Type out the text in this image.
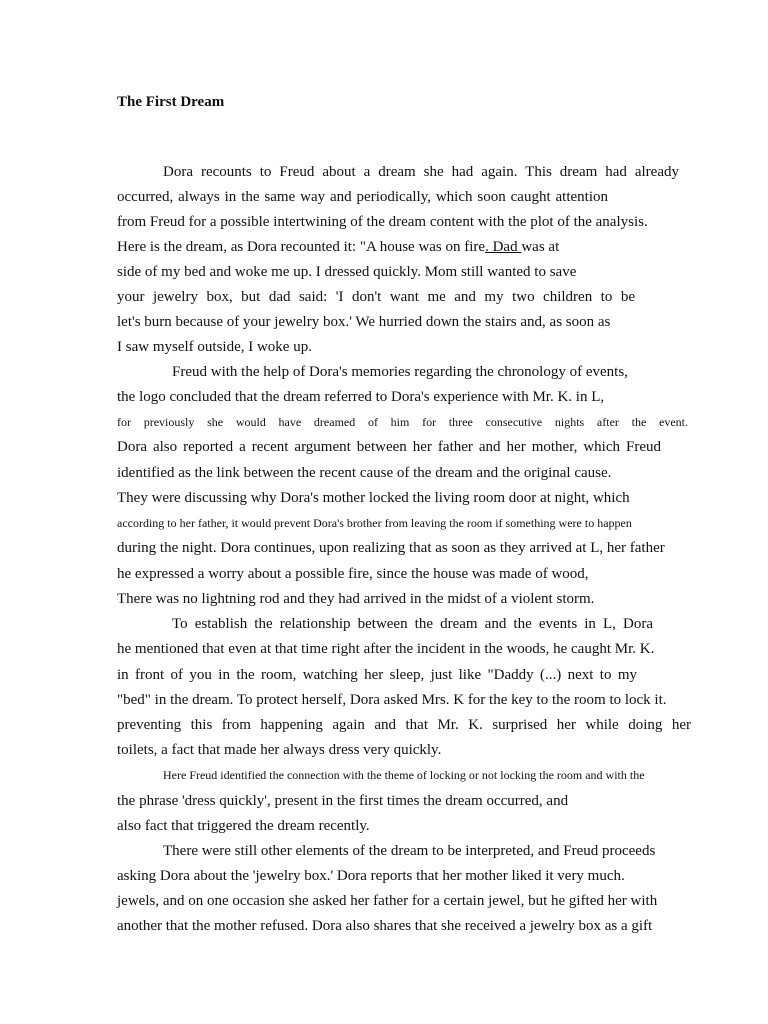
The First Dream
Dora recounts to Freud about a dream she had again. This dream had already
occurred, always in the same way and periodically, which soon caught attention
from Freud for a possible intertwining of the dream content with the plot of the analysis.
Here is the dream, as Dora recounted it: "A house was on fire. Dad was at
side of my bed and woke me up. I dressed quickly. Mom still wanted to save
your jewelry box, but dad said: 'I don't want me and my two children to be
let's burn because of your jewelry box.' We hurried down the stairs and, as soon as
I saw myself outside, I woke up.
Freud with the help of Dora's memories regarding the chronology of events,
the logo concluded that the dream referred to Dora's experience with Mr. K. in L,
for previously she would have dreamed of him for three consecutive nights after the event.
Dora also reported a recent argument between her father and her mother, which Freud
identified as the link between the recent cause of the dream and the original cause.
They were discussing why Dora's mother locked the living room door at night, which
according to her father, it would prevent Dora's brother from leaving the room if something were to happen
during the night. Dora continues, upon realizing that as soon as they arrived at L, her father
he expressed a worry about a possible fire, since the house was made of wood,
There was no lightning rod and they had arrived in the midst of a violent storm.
To establish the relationship between the dream and the events in L, Dora
he mentioned that even at that time right after the incident in the woods, he caught Mr. K.
in front of you in the room, watching her sleep, just like "Daddy (...) next to my
"bed" in the dream. To protect herself, Dora asked Mrs. K for the key to the room to lock it.
preventing this from happening again and that Mr. K. surprised her while doing her
toilets, a fact that made her always dress very quickly.
Here Freud identified the connection with the theme of locking or not locking the room and with the
the phrase 'dress quickly', present in the first times the dream occurred, and
also fact that triggered the dream recently.
There were still other elements of the dream to be interpreted, and Freud proceeds
asking Dora about the 'jewelry box.' Dora reports that her mother liked it very much.
jewels, and on one occasion she asked her father for a certain jewel, but he gifted her with
another that the mother refused. Dora also shares that she received a jewelry box as a gift
